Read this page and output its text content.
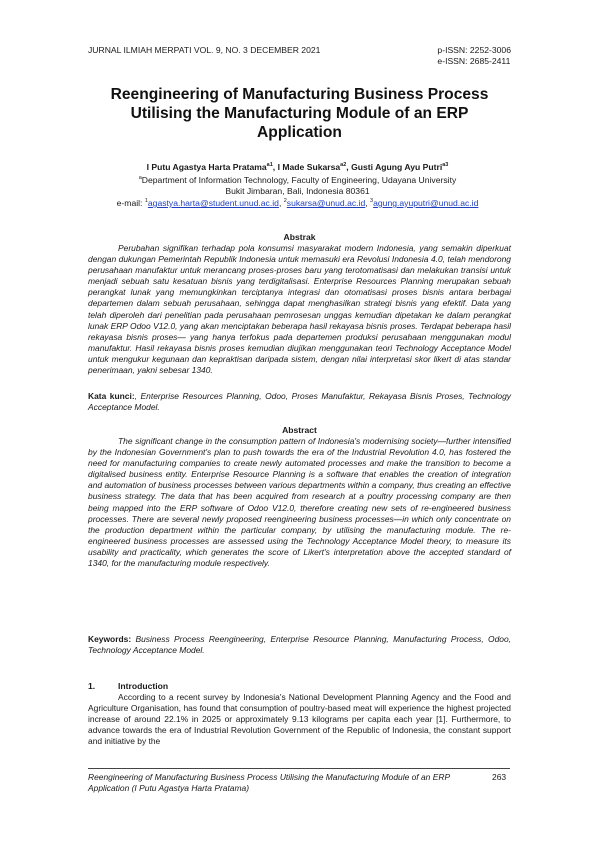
JURNAL ILMIAH MERPATI VOL. 9, NO. 3 DECEMBER 2021	p-ISSN: 2252-3006
e-ISSN: 2685-2411
Reengineering of Manufacturing Business Process
Utilising the Manufacturing Module of an ERP
Application
I Putu Agastya Harta Pratama$^{a1}$, I Made Sukarsa$^{a2}$, Gusti Agung Ayu Putri$^{a3}$
$^a$Department of Information Technology, Faculty of Engineering, Udayana University
Bukit Jimbaran, Bali, Indonesia 80361
e-mail: $^1$agastya.harta@student.unud.ac.id, $^2$sukarsa@unud.ac.id, $^3$agung.ayuputri@unud.ac.id
Abstrak
Perubahan signifikan terhadap pola konsumsi masyarakat modern Indonesia, yang semakin diperkuat dengan dukungan Pemerintah Republik Indonesia untuk memasuki era Revolusi Indonesia 4.0, telah mendorong perusahaan manufaktur untuk merancang proses-proses baru yang terotomatisasi dan melakukan transisi untuk menjadi sebuah satu kesatuan bisnis yang terdigitalisasi. Enterprise Resources Planning merupakan sebuah perangkat lunak yang memungkinkan terciptanya integrasi dan otomatisasi proses bisnis antara berbagai departemen dalam sebuah perusahaan, sehingga dapat menghasilkan strategi bisnis yang efektif. Data yang telah diperoleh dari penelitian pada perusahaan pemrosesan unggas kemudian dipetakan ke dalam perangkat lunak ERP Odoo V12.0, yang akan menciptakan beberapa hasil rekayasa bisnis proses. Terdapat beberapa hasil rekayasa bisnis proses— yang hanya terfokus pada departemen produksi perusahaan menggunakan modul manufaktur. Hasil rekayasa bisnis proses kemudian diujikan menggunakan teori Technology Acceptance Model untuk mengukur kegunaan dan kepraktisan daripada sistem, dengan nilai interpretasi skor likert di atas standar penerimaan, yakni sebesar 1340.
Kata kunci:, Enterprise Resources Planning, Odoo, Proses Manufaktur, Rekayasa Bisnis Proses, Technology Acceptance Model.
Abstract
The significant change in the consumption pattern of Indonesia's modernising society—further intensified by the Indonesian Government's plan to push towards the era of the Industrial Revolution 4.0, has fostered the need for manufacturing companies to create newly automated processes and make the transition to become a digitalised business entity. Enterprise Resource Planning is a software that enables the creation of integration and automation of business processes between various departments within a company, thus creating an effective business strategy. The data that has been acquired from research at a poultry processing company are then being mapped into the ERP software of Odoo V12.0, therefore creating new sets of re-engineered business processes. There are several newly proposed reengineering business processes—in which only concentrate on the production department within the particular company, by utilising the manufacturing module. The re-engineered business processes are assessed using the Technology Acceptance Model theory, to measure its usability and practicality, which generates the score of Likert's interpretation above the accepted standard of 1340, for the manufacturing module respectively.
Keywords: Business Process Reengineering, Enterprise Resource Planning, Manufacturing Process, Odoo, Technology Acceptance Model.
1.	Introduction
According to a recent survey by Indonesia's National Development Planning Agency and the Food and Agriculture Organisation, has found that consumption of poultry-based meat will experience the highest projected increase of around 22.1% in 2025 or approximately 9.13 kilograms per capita each year [1]. Furthermore, to advance towards the era of Industrial Revolution Government of the Republic of Indonesia, the constant support and initiative by the
Reengineering of Manufacturing Business Process Utilising the Manufacturing Module of an ERP Application (I Putu Agastya Harta Pratama)
263
